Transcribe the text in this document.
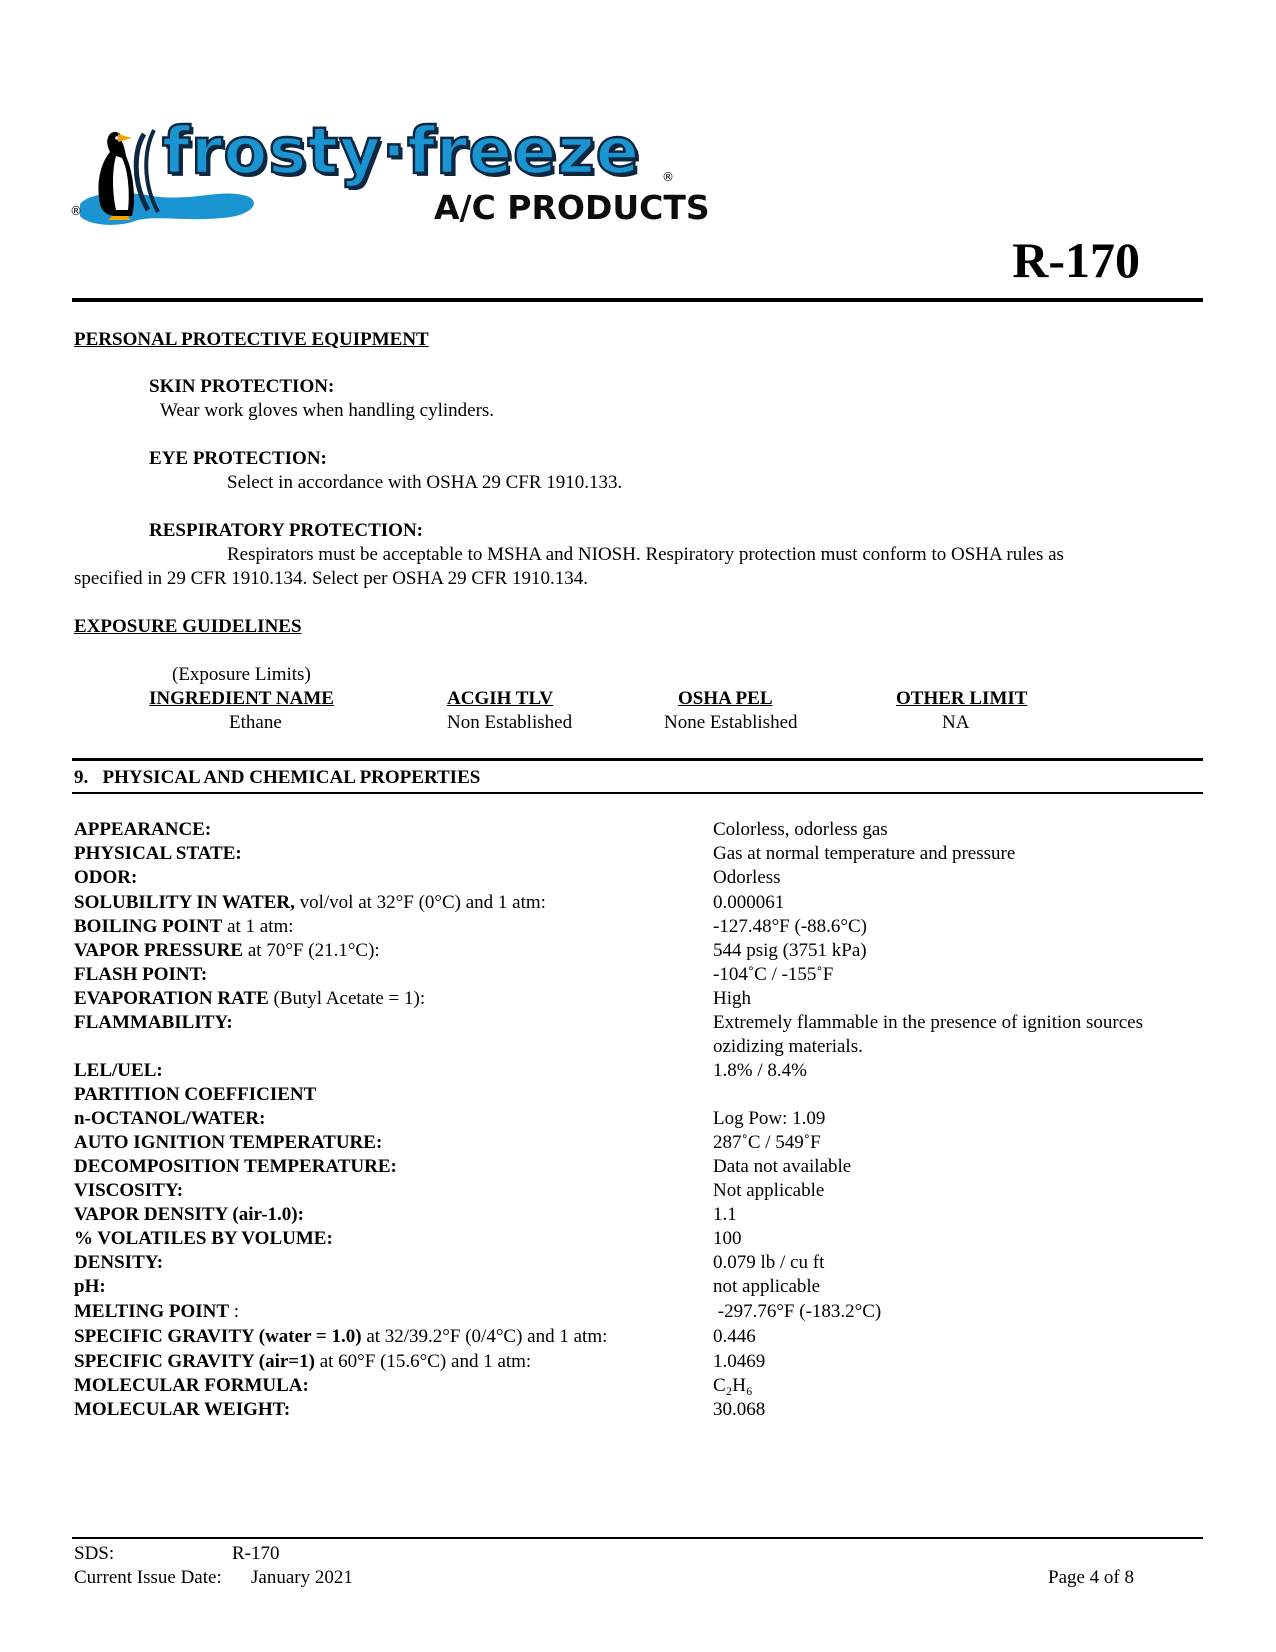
frosty·freeze
A/C PRODUCTS
®
®
R-170
PERSONAL PROTECTIVE EQUIPMENT
SKIN PROTECTION:
Wear work gloves when handling cylinders.
EYE PROTECTION:
Select in accordance with OSHA 29 CFR 1910.133.
RESPIRATORY PROTECTION:
Respirators must be acceptable to MSHA and NIOSH. Respiratory protection must conform to OSHA rules as
specified in 29 CFR 1910.134. Select per OSHA 29 CFR 1910.134.
EXPOSURE GUIDELINES
(Exposure Limits)
INGREDIENT NAME	ACGIH TLV	OSHA PEL	OTHER LIMIT
Ethane	Non Established	None Established	NA
9.   PHYSICAL AND CHEMICAL PROPERTIES
APPEARANCE:	Colorless, odorless gas
PHYSICAL STATE:	Gas at normal temperature and pressure
ODOR:	Odorless
SOLUBILITY IN WATER, vol/vol at 32°F (0°C) and 1 atm:	0.000061
BOILING POINT at 1 atm:	-127.48°F (-88.6°C)
VAPOR PRESSURE at 70°F (21.1°C):	544 psig (3751 kPa)
FLASH POINT:	-104˚C / -155˚F
EVAPORATION RATE (Butyl Acetate = 1):	High
FLAMMABILITY:	Extremely flammable in the presence of ignition sources
ozidizing materials.
LEL/UEL:	1.8% / 8.4%
PARTITION COEFFICIENT
n-OCTANOL/WATER:	Log Pow: 1.09
AUTO IGNITION TEMPERATURE:	287˚C / 549˚F
DECOMPOSITION TEMPERATURE:	Data not available
VISCOSITY:	Not applicable
VAPOR DENSITY (air-1.0):	1.1
% VOLATILES BY VOLUME:	100
DENSITY:	0.079 lb / cu ft
pH:	not applicable
MELTING POINT :	-297.76°F (-183.2°C)
SPECIFIC GRAVITY (water = 1.0) at 32/39.2°F (0/4°C) and 1 atm:	0.446
SPECIFIC GRAVITY (air=1) at 60°F (15.6°C) and 1 atm:	1.0469
MOLECULAR FORMULA:	C₂H₆
MOLECULAR WEIGHT:	30.068
SDS:	R-170
Current Issue Date: January 2021	Page 4 of 8
